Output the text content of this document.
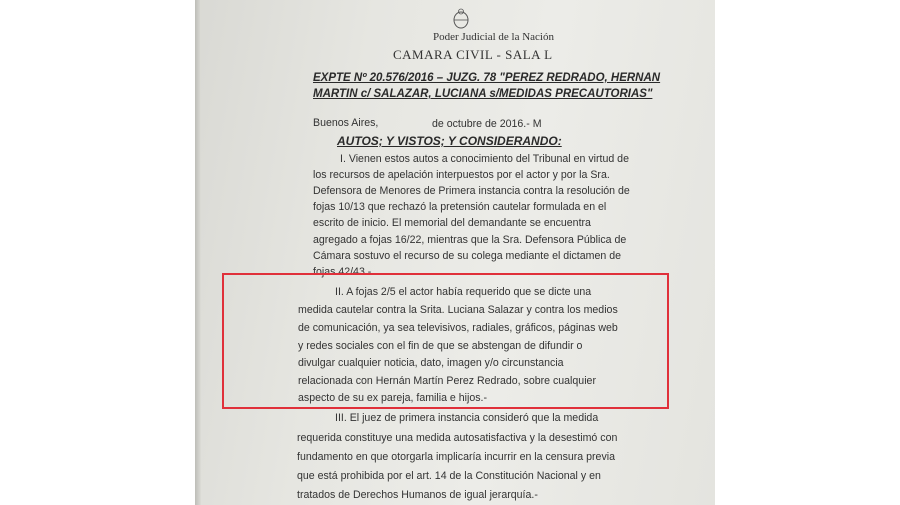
Poder Judicial de la Nación
CAMARA CIVIL - SALA L
EXPTE Nº 20.576/2016 – JUZG. 78 "PEREZ REDRADO, HERNAN
MARTIN c/ SALAZAR, LUCIANA s/MEDIDAS PRECAUTORIAS"
Buenos Aires,	de octubre de 2016.- M
AUTOS; Y VISTOS; Y CONSIDERANDO:
I. Vienen estos autos a conocimiento del Tribunal en virtud de
los recursos de apelación interpuestos por el actor y por la Sra.
Defensora de Menores de Primera instancia contra la resolución de
fojas 10/13 que rechazó la pretensión cautelar formulada en el
escrito de inicio. El memorial del demandante se encuentra
agregado a fojas 16/22, mientras que la Sra. Defensora Pública de
Cámara sostuvo el recurso de su colega mediante el dictamen de
fojas 42/43.-
II. A fojas 2/5 el actor había requerido que se dicte una
medida cautelar contra la Srita. Luciana Salazar y contra los medios
de comunicación, ya sea televisivos, radiales, gráficos, páginas web
y redes sociales con el fin de que se abstengan de difundir o
divulgar cualquier noticia, dato, imagen y/o circunstancia
relacionada con Hernán Martín Perez Redrado, sobre cualquier
aspecto de su ex pareja, familia e hijos.-
III. El juez de primera instancia consideró que la medida
requerida constituye una medida autosatisfactiva y la desestimó con
fundamento en que otorgarla implicaría incurrir en la censura previa
que está prohibida por el art. 14 de la Constitución Nacional y en
tratados de Derechos Humanos de igual jerarquía.-
